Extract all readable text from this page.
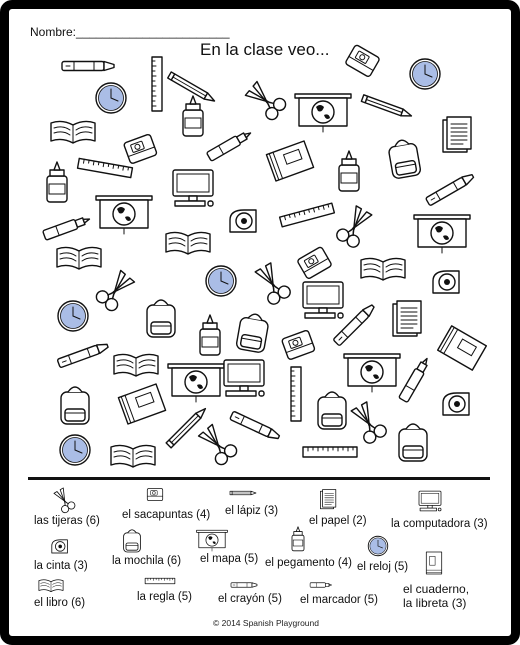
Nombre:_______________________
En la clase veo...
las tijeras (6) el sacapuntas (4) el lápiz (3)
el papel (2) la computadora (3)
la cinta (3) la mochila (6) el mapa (5) el pegamento (4) el reloj (5)
el cuaderno,
la libreta (3)
el libro (6)	la regla (5) el crayón (5) el marcador (5)
© 2014 Spanish Playground
